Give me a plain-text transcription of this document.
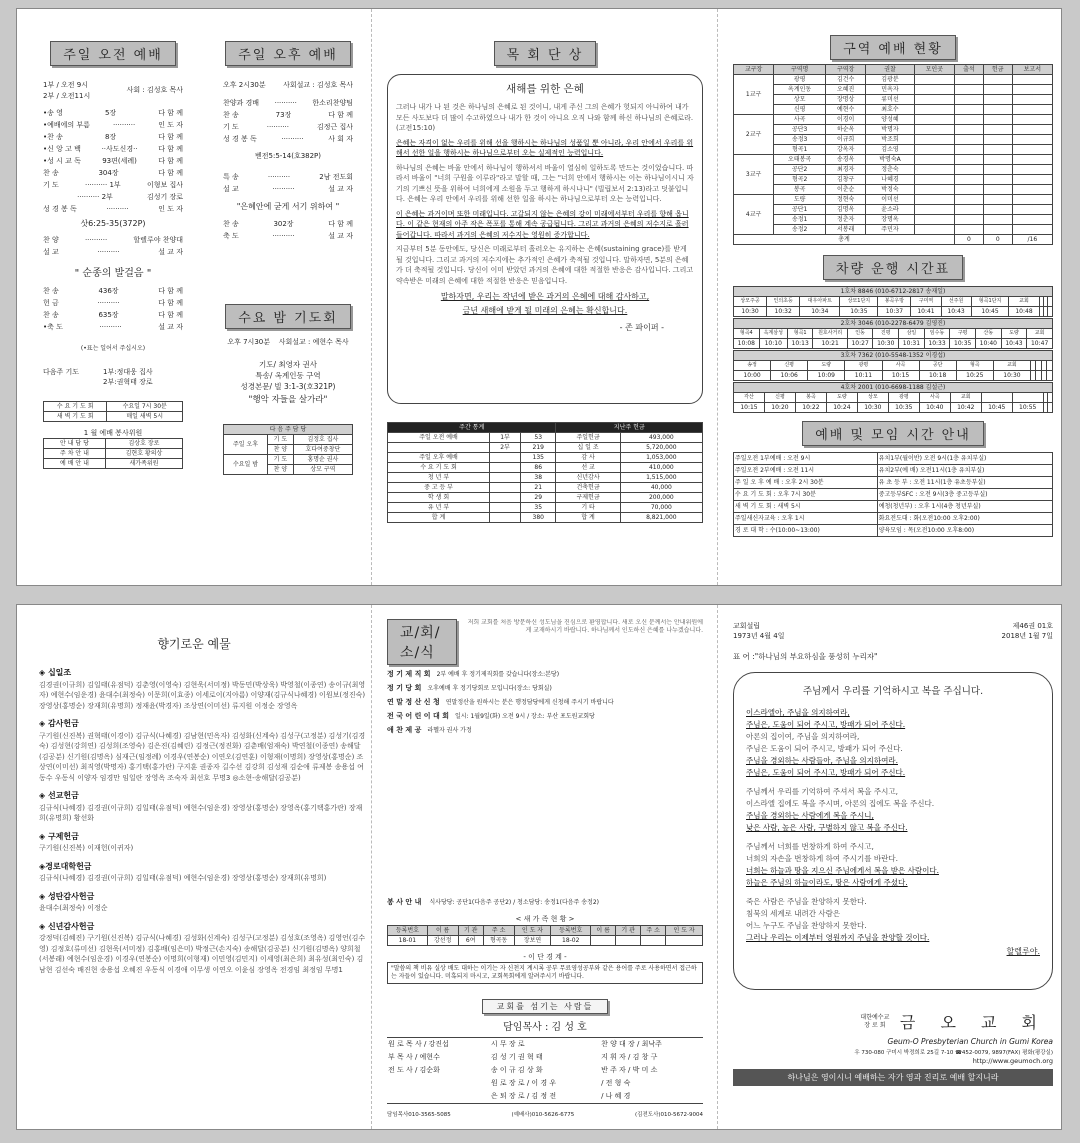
주일 오전 예배
1부 / 오전 9시
2부 / 오전11시
사회 : 김성호 목사
•송 영	5장	다 함 께
•예배에의 부름	··········	인 도 자
•찬 송	8장	다 함 께
•신 앙 고 백	··사도신경··	다 함 께
•성 시 교 독	93편(세례)	다 함 께
찬 송	304장	다 함 께
기 도	·········· 1부	이형보 집사
·········· 2부	김성기 장로
성 경 봉 독	··········	인 도 자
삿6:25-35(372P)
찬 양	··········	할렐루야 찬양대
설 교	··········	설 교 자
" 순종의 발걸음 "
찬 송	436장	다 함 께
헌 금	··········	다 함 께
찬 송	635장	다 함 께
•축 도	··········	설 교 자
(•표는 일어서 주십시오)
다음주 기도	1부:정대웅 집사
2부:권혁태 장로
수 요 기 도 회	수요일 7시 30분
새 벽 기 도 회	매일 새벽 5시
1 월 예배 봉사위원
안 내 담 당	김상호 장로
주 차 안 내	김현호 황의상
예 배 안 내	새가족위원
주일 오후 예배
오후 2시30분 사회설교 : 김성호 목사
찬양과 경배 ·········· 한소리찬양팀
찬 송	73장	다 함 께
기 도	··········	김정근 집사
성 경 봉 독	··········	사 회 자
벧전5:5-14(호382P)
특 송	··········	2남 전도회
설 교	··········	설 교 자
"은혜안에 굳게 서기 위하여 "
찬 송	302장	다 함 께
축 도	··········	설 교 자
수요 밤 기도회
오후 7시30분 사회설교 : 예현수 목사
기도/ 최영자 권사
특송/ 옥계인동 구역
성경본문/ 빌 3:1-3(호321P)
"행악 자들을 살가라"
다 음 주 담 당		
주일 오후	기 도	김정호 집사
	찬 양	호다여중창단
수요일 밤	기 도	홍명순 권사
	찬 양	상모 구역
목 회 단 상
새해를 위한 은혜
그러나 내가 나 된 것은 하나님의 은혜로 된 것이니, 내게 주신 그의 은혜가 헛되지 아니하여 내가 모든 사도보다 더 많이 수고하였으나 내가 한 것이 아니요 오직 나와 함께 하신 하나님의 은혜로라. (고전15:10)
은혜는 자격이 없는 우리를 위해 선을 행하시는 하나님의 성품일 뿐 아니라, 우리 안에서 우리를 위해서 선한 일을 행하시는 하나님으로부터 오는 실제적인 능력입니다.
하나님의 은혜는 바울 안에서 하나님이 행하셔서 바울이 열심히 일하도록 만드는 것이었습니다. 따라서 바울이 "너희 구원을 이루라"라고 말할 때, 그는 "너희 안에서 행하시는 이는 하나님이시니 자기의 기쁘신 뜻을 위하여 너희에게 소원을 두고 행하게 하시나니" (빌립보서 2:13)라고 덧붙입니다. 은혜는 우리 안에서 우리를 위해 선한 일을 하시는 하나님으로부터 오는 능력입니다.
이 은혜는 과거이며 또한 미래입니다. 고갈되지 않는 은혜의 강이 미래에서부터 우리를 향해 옵니다. 이 같은 현재의 아주 작은 폭포를 통해 계속 공급됩니다. 그리고 과거의 은혜의 저수지로 흘러 들어갑니다. 따라서 과거의 은혜의 저수지는 영원히 증가합니다.
지금부터 5분 동안에도, 당신은 미래로부터 흘러오는 유지하는 은혜(sustaining grace)를 받게 될 것입니다. 그리고 과거의 저수지에는 추가적인 은혜가 축적될 것입니다. 말하자면, 5분의 은혜가 더 축적될 것입니다. 당신이 이미 받았던 과거의 은혜에 대한 적절한 반응은 감사입니다. 그리고 약속받은 미래의 은혜에 대한 적절한 반응은 믿음입니다.
말하자면, 우리는 작년에 받은 과거의 은혜에 대해 감사하고,
금년 새해에 받게 될 미래의 은혜는 확신합니다.
- 존 파이퍼 -
주간 통계			지난주 헌금	
주일 오전 예배	1부	53	주일헌금	493,000
	2부	219	십 일 조	5,720,000
주일 오후 예배		135	감 사	1,053,000
수 요 기 도 회		86	선 교	410,000
청 년 부		38	신년감사	1,515,000
중 고 등 부		21	건축헌금	40,000
학 생 회		29	구제헌금	200,000
유 년 부		35	기 타	70,000
합 계		380	합 계	8,821,000
구역 예배 현황
교구장	구역명	구역장	권찰	모인곳	출석	헌금	보고서
1교구	광평	김건수	김광분				
	옥계인동	오혜진	민옥자				
	상모	장명상	류미선				
	신평	예현수	최호수				
2교구	사곡	이경이	양성혜				
	공단3	하순옥	박명자				
	송정3	이규희	박조희				
	형곡1	강옥자	김소영				
3교구	오태봉곡	송경옥	박명숙A				
	공단2	최경자	정춘숙				
	형곡2	김창구	나혜경				
	봉곡	이춘순	박정숙				
4교구	도량	정현숙	이미선				
	공단1	김명옥	윤소라				
	송정1	정춘자	장명옥				
	송정2	서봉래	주민자				
총계					0	0	/16
차량 운행 시간표
1호차 8846 (010-6712-2817 송재일)											
상모주공	인의초등	대우아파트	상모1단지	봉곡우방	구미역	선주원	형곡1단지	교회			
10:30	10:32	10:34	10:35	10:37	10:41	10:43	10:45	10:48			
2호차 3046 (010-2278-6479 김영진)											
형곡4	옥계삼성	형곡1	원호사거리	인동	진평	삼일	임수동	구평	산동	도량	교회
10:08	10:10	10:13	10:21	10:27	10:30	10:31	10:33	10:35	10:40	10:43	10:47
3호차 7362 (010-5548-1352 이경섭)											
송정	신평	도량	광평	사곡	공단	형곡	교회				
10:00	10:06	10:09	10:11	10:15	10:18	10:25	10:30				
4호차 2001 (010-6698-1188 김설근)											
각산	신평	봉곡	도량	상모	광평	사곡	교회				
10:15	10:20	10:22	10:24	10:30	10:35	10:40	10:42	10:45	10:55		
예배 및 모임 시간 안내
주일오전 1부예배 : 오전 9시	유치1부(월이반) 오전 9시(1층 유치부실)
주일오전 2부예배 : 오전 11시	유치2부(예 배) 오전11시(1층 유치부실)
주 일 오 후 예 배 : 오후 2시 30분	유 초 등 부 : 오전 11시(1층 유초등부실)
수 요 기 도 회 : 오후 7시 30분	중고등부SFC : 오전 9시(3층 중고등부실)
새 벽 기 도 회 : 새벽 5시	예청(청년부) : 오후 1시(4층 청년부실)
주일새신자교육 : 오후 1시	화요전도대 : 화(오전10:00 오후2:00)
경 로 대 학 : 수(10:00~13:00)	양육모임 : 목(오전10:00 오후8:00)
향기로운 예물
◈ 십일조
김경권(이규희) 김일태(유점덕) 김춘영(이영숙) 김현욱(서미정) 박동민(박상욱) 박영철(이종연) 송이규(최영자) 예현수(임운경) 윤대수(최정숙) 이문희(이효종) 이세로이(지아름) 이양재(김규식나혜경) 이원보(정진숙) 장영상(홍명순) 장재희(유명희) 정재윤(박경자) 조상연(이미선) 류지원 이정순 장영옥
◈ 감사헌금
구기원(신진복) 권혁태(이경이) 김규식(나혜경) 김남현(민옥자) 김성화(신계숙) 김성구(고정분) 김성기(김경숙) 김성현(강희연) 김성희(조영숙) 김은진(김혜린) 김정근(정진화) 김춘배(엄재숙) 박연철(이종연) 송해달(김공분) 신기원(김명옥) 심재근(임정례) 이경우(연봉순) 이연오(김연훈) 이형재(이명희) 장영상(홍명순) 조상연(이미선) 최직영(박명자) 홍기택(홍가란) 구지훈 권종자 길수선 김강희 김성재 김순애 류제봉 송용섭 여동수 우동식 이양자 임경만 임일란 장영옥 조숙자 최선호 무명3 ◎소현-송해달(김공분)
◈ 선교헌금
김규식(나혜경) 김경권(이규희) 김일태(유점덕) 예현수(임운경) 장영상(홍명순) 장영옥(홍기택홍가란) 장재희(유명희) 황선화
◈ 구제헌금
구기원(신진복) 이재헌(이귀자)
◈경로대학헌금
김규식(나혜경) 김경권(이규희) 김일태(유점덕) 예현수(임운경) 장영상(홍명순) 장재희(유명희)
◈ 성탄감사헌금
윤대수(최정숙) 이정순
◈ 신년감사헌금
강정덕(김혜진) 구기원(신진복) 김규식(나혜경) 김성화(신계숙) 김성구(고정분) 김성호(조영옥) 김영언(김수영) 김정호(류미선) 김현욱(서미정) 김홍배(임은미) 박정근(손지숙) 송해달(김공분) 신기원(김명옥) 양희철(서봉래) 예현수(임운경) 이경우(연봉순) 이명희(이형재) 이민영(김민지) 이세영(최은희) 최유성(최인숙) 김남현 김선숙 배진현 송용섭 오혜진 우동식 이경애 이무생 이연오 이윤심 장영옥 전경임 최정임 무명1
교/회/소/식
저희 교회를 처음 방문하신 성도님을 진심으로 환영합니다. 새로 오신 분께서는 안내위원에게 교재하시기 바랍니다. 하나님께서 인도하신 은혜를 나누겠습니다.
정 기 제 직 회 2부 예배 후 정기제직회를 갖습니다(장소:본당)
정 기 당 회 오후예배 후 정기당회로 모입니다(장소: 당회실)
연 말 정 산 신 청 연말정산을 원하시는 분은 행정담당에게 신청해 주시기 바랍니다
전 국 어 린 이 대 회 일시: 1월9일(화) 오전 9시 / 장소: 부산 포도원교회당
애 찬 제 공 라헬자 권사 가정
봉 사 안 내 식사당당: 공단1(다음주 공단2) / 청소담당: 송정1(다음주 송정2)
< 새 가 족 현 황 >
등록번호	이 름	기 관	주 소	인 도 자	등록번호	이 름	기 관	주 소	인 도 자
18-01	강선정	6여	형곡동	장보연	18-02				
- 이 단 경 계 -
"말씀의 책 비유 실상 배도 대하는 이기는 자 신천지 계시록 공부 무료영성공부와 같은 용어를 주로 사용하면서 접근하는 자들이 있습니다. 미혹되지 마시고, 교회목회에게 알려주시기 바랍니다.
교회를 섬기는 사람들
담임목사 : 김 성 호
원 로 목 사 / 강진섭	시 무 장 로	찬 양 대 장 / 최낙주
부 목 사 / 예현수	김 성 기 권 혁 태	지 휘 자 / 김 창 구
전 도 사 / 김순화	송 이 규 김 상 화	반 주 자 / 박 미 소
	원 로 장 로 / 이 경 우	/ 전 형 숙
	은 퇴 장 로 / 김 정 전	/ 나 혜 경
담임목사010-3565-5085	(예배사)010-5626-6775	(김전도사)010-5672-9004
교회설립
1973년 4월 4일
제46권 01호
2018년 1월 7일
표 어 :"하나님의 부요하심을 풍성히 누리자"
주님께서 우리를 기억하시고 복을 주십니다.
이스라엘아, 주님을 의지하여라,
주님은, 도움이 되어 주시고, 방패가 되어 주신다.
아론의 집이여, 주님을 의지하여라,
주님은 도움이 되어 주시고, 방패가 되어 주신다.
주님을 경외하는 사람들아, 주님을 의지하여라.
주님은, 도움이 되어 주시고, 방패가 되어 주신다.
주님께서 우리를 기억하여 주셔서 복을 주시고,
이스라엘 집에도 복을 주시며, 아론의 집에도 복을 주신다.
주님을 경외하는 사람에게 복을 주시니,
낮은 사람, 높은 사람, 구별하지 않고 복을 주신다.
주님께서 너희를 번창하게 하여 주시고,
너희의 자손을 번창하게 하여 주시기를 바란다.
너희는 하늘과 땅을 지으신 주님에게서 복을 받은 사람이다.
하늘은 주님의 하늘이라도, 땅은 사람에게 주셨다.
죽은 사람은 주님을 찬양하지 못한다.
침묵의 세계로 내려간 사람은
어느 누구도 주님을 찬양하지 못한다.
그러나 우리는 이제부터 영원까지 주님을 찬양할 것이다.
할렐루야.
대한예수교장 로 회 금 오 교 회
Geum-O Presbyterian Church in Gumi Korea
우 730-080 구미시 박정희로 25길 7-10 ☎452-0079, 9897(FAX) 평화(평강실)
http://www.geumoch.org
하나님은 영이시니 예배하는 자가 영과 진리로 예배 할지니라
